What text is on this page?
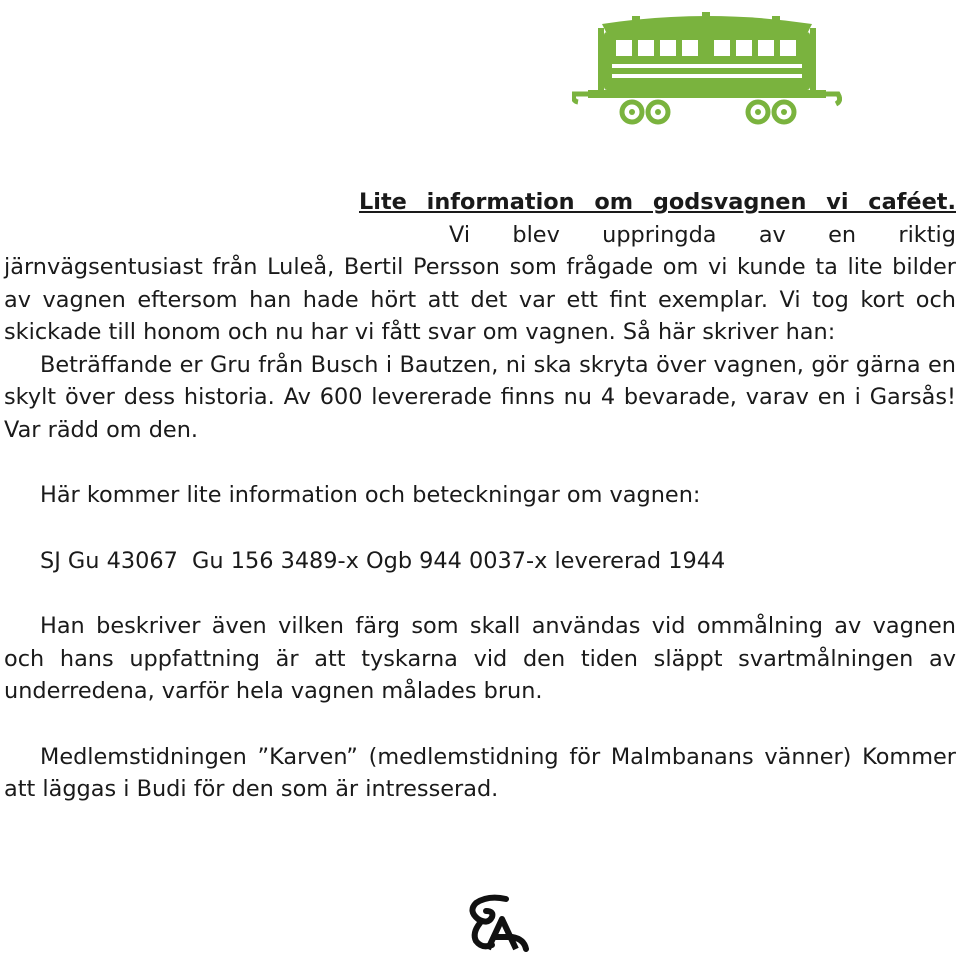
Lite information om godsvagnen vi caféet.

Vi blev uppringda av en riktig järnvägsentusiast från Luleå, Bertil Persson som frågade om vi kunde ta lite bilder av vagnen eftersom han hade hört att det var ett fint exemplar. Vi tog kort och skickade till honom och nu har vi fått svar om vagnen. Så här skriver han:

Beträffande er Gru från Busch i Bautzen, ni ska skryta över vagnen, gör gärna en skylt över dess historia. Av 600 levererade finns nu 4 bevarade, varav en i Garsås! Var rädd om den.

Här kommer lite information och beteckningar om vagnen:

SJ Gu 43067  Gu 156 3489-x Ogb 944 0037-x levererad 1944

Han beskriver även vilken färg som skall användas vid ommålning av vagnen och hans uppfattning är att tyskarna vid den tiden släppt svartmålningen av underredena, varför hela vagnen målades brun.

Medlemstidningen ”Karven” (medlemstidning för Malmbanans vänner) Kommer att läggas i Budi för den som är intresserad.
